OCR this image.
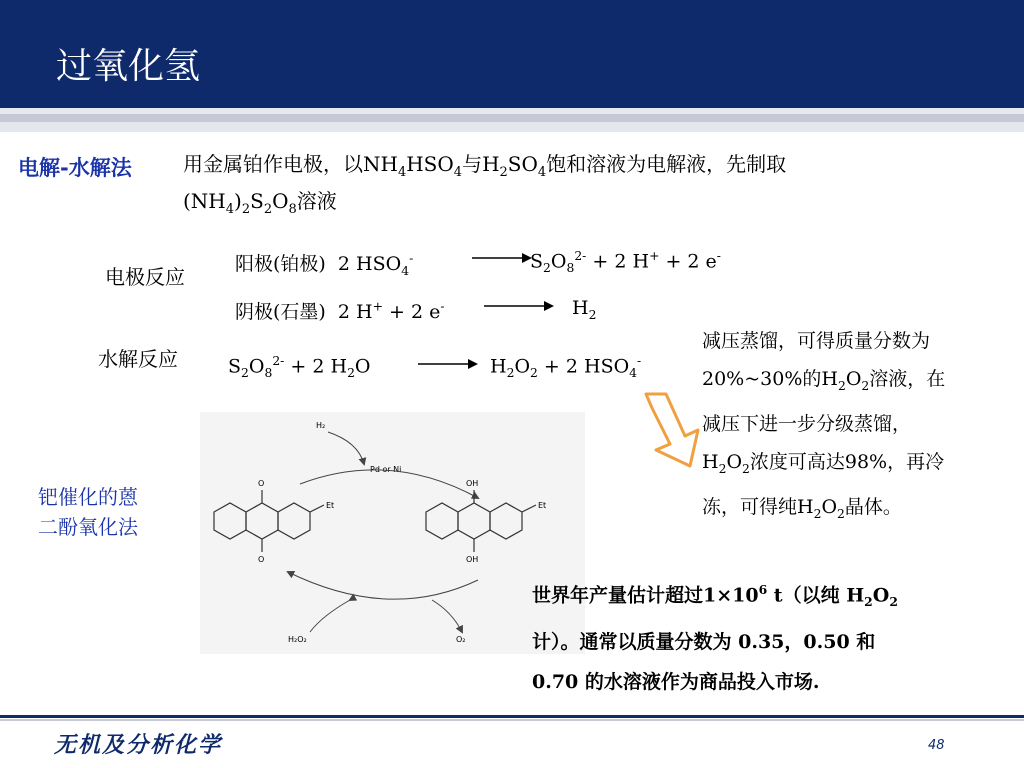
过氧化氢
电解-水解法	用金属铂作电极，以$NH_4HSO_4$与$H_2SO_4$饱和溶液为电解液，先制取
$(NH_4)_2S_2O_8$溶液
电极反应
阳极(铂极)  2 $HSO_4^-$	$S_2O_8^{2-} + 2$ H+ + 2 e-
阴极(石墨)  2 H+ + 2 e-	$H_2$
水解反应	$S_2O_8^{2-} + 2$ $H_2O$	→ $H_2O_2 + 2$ $HSO_4^-$
减压蒸馏，可得质量分数为
20%~30%的$H_2O_2$溶液，在
减压下进一步分级蒸馏，
$H_2O_2$浓度可高达98%，再冷
冻，可得纯$H_2O_2$晶体。
钯催化的蒽
二酚氧化法
H₂
Pd or Ni
H₂O₂	O₂
O
O
Et
OH
OH
Et
世界年产量估计超过$1\times 10^6$ t（以纯 $H_2O_2$
计）。通常以质量分数为 0.35，0.50 和
0.70 的水溶液作为商品投入市场.
无机及分析化学	48
